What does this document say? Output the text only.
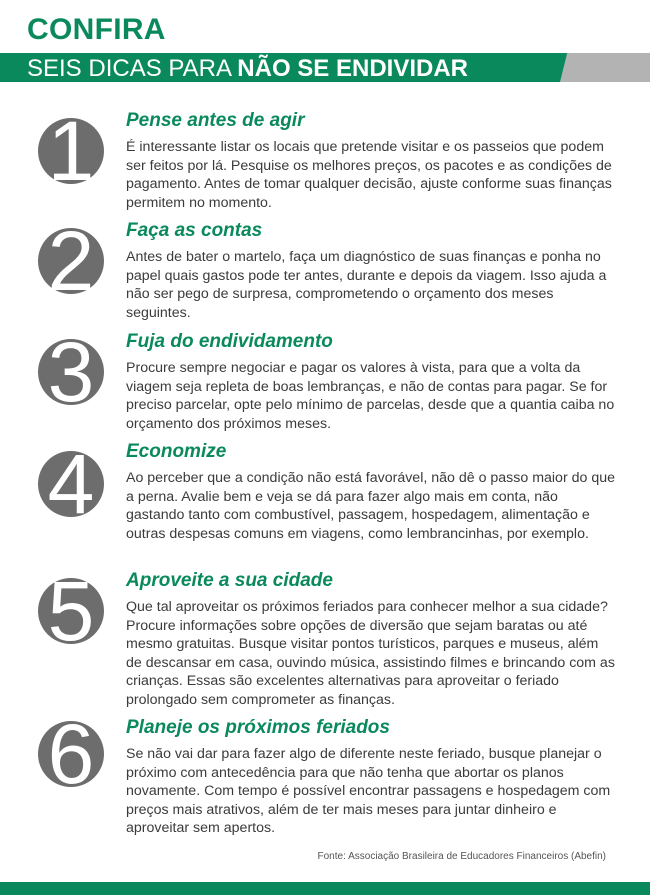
CONFIRA
SEIS DICAS PARA NÃO SE ENDIVIDAR
1 Pense antes de agir

É interessante listar os locais que pretende visitar e os passeios que podem ser feitos por lá. Pesquise os melhores preços, os pacotes e as condições de pagamento. Antes de tomar qualquer decisão, ajuste conforme suas finanças permitem no momento.

2 Faça as contas

Antes de bater o martelo, faça um diagnóstico de suas finanças e ponha no papel quais gastos pode ter antes, durante e depois da viagem. Isso ajuda a não ser pego de surpresa, comprometendo o orçamento dos meses seguintes.

3 Fuja do endividamento

Procure sempre negociar e pagar os valores à vista, para que a volta da viagem seja repleta de boas lembranças, e não de contas para pagar. Se for preciso parcelar, opte pelo mínimo de parcelas, desde que a quantia caiba no orçamento dos próximos meses.

4 Economize

Ao perceber que a condição não está favorável, não dê o passo maior do que a perna. Avalie bem e veja se dá para fazer algo mais em conta, não gastando tanto com combustível, passagem, hospedagem, alimentação e outras despesas comuns em viagens, como lembrancinhas, por exemplo.

5 Aproveite a sua cidade

Que tal aproveitar os próximos feriados para conhecer melhor a sua cidade? Procure informações sobre opções de diversão que sejam baratas ou até mesmo gratuitas. Busque visitar pontos turísticos, parques e museus, além de descansar em casa, ouvindo música, assistindo filmes e brincando com as crianças. Essas são excelentes alternativas para aproveitar o feriado prolongado sem comprometer as finanças.

6 Planeje os próximos feriados

Se não vai dar para fazer algo de diferente neste feriado, busque planejar o próximo com antecedência para que não tenha que abortar os planos novamente. Com tempo é possível encontrar passagens e hospedagem com preços mais atrativos, além de ter mais meses para juntar dinheiro e aproveitar sem apertos.

Fonte: Associação Brasileira de Educadores Financeiros (Abefin)
